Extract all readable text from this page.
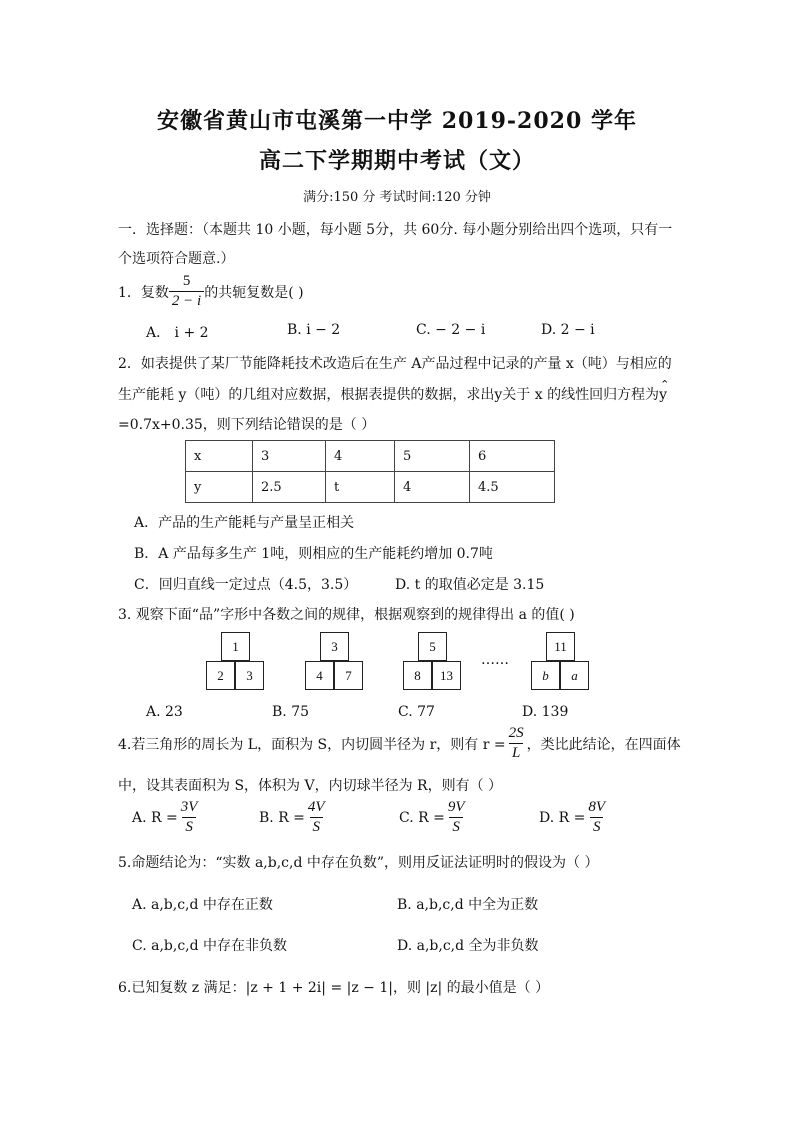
安徽省黄山市屯溪第一中学 2019-2020 学年
高二下学期期中考试（文）
满分:150 分 考试时间:120 分钟
一．选择题：（本题共 10 小题，每小题 5分，共 60分. 每小题分别给出四个选项，只有一
个选项符合题意.）
1．复数 $\frac{5}{2 - i}$ 的共轭复数是( )
A． i + 2	B. i − 2	C. − 2 − i	D. 2 − i
2．如表提供了某厂节能降耗技术改造后在生产 A产品过程中记录的产量 x（吨）与相应的
生产能耗 y（吨）的几组对应数据，根据表提供的数据，求出y关于 x 的线性回归方程为
⌃
y
=0.7x+0.35，则下列结论错误的是（ ）
x	3	4	5	6
y	2.5	t	4	4.5
A．产品的生产能耗与产量呈正相关
B．A 产品每多生产 1吨，则相应的生产能耗约增加 0.7吨
C．回归直线一定过点（4.5，3.5）	D. t 的取值必定是 3.15
3. 观察下面“品”字形中各数之间的规律，根据观察到的规律得出 a 的值( )
1
2	3
3
4	7
5
8	13
……
11
b	a
A. 23	B. 75	C. 77	D. 139
4.若三角形的周长为 L，面积为 S，内切圆半径为 r，则有 $r = \frac{2S}{L}$ ，类比此结论，在四面体
中，设其表面积为 S，体积为 V，内切球半径为 R，则有（ ）
A. $R = \frac{3V}{S}$	B. $R = \frac{4V}{S}$	C. $R = \frac{9V}{S}$	D. $R = \frac{8V}{S}$
5.命题结论为：“实数 a,b,c,d 中存在负数”，则用反证法证明时的假设为（ ）
A. a,b,c,d 中存在正数	B. a,b,c,d 中全为正数
C. a,b,c,d 中存在非负数	D. a,b,c,d 全为非负数
6.已知复数 z 满足：|z + 1 + 2i| = |z − 1|，则 |z| 的最小值是（ ）
